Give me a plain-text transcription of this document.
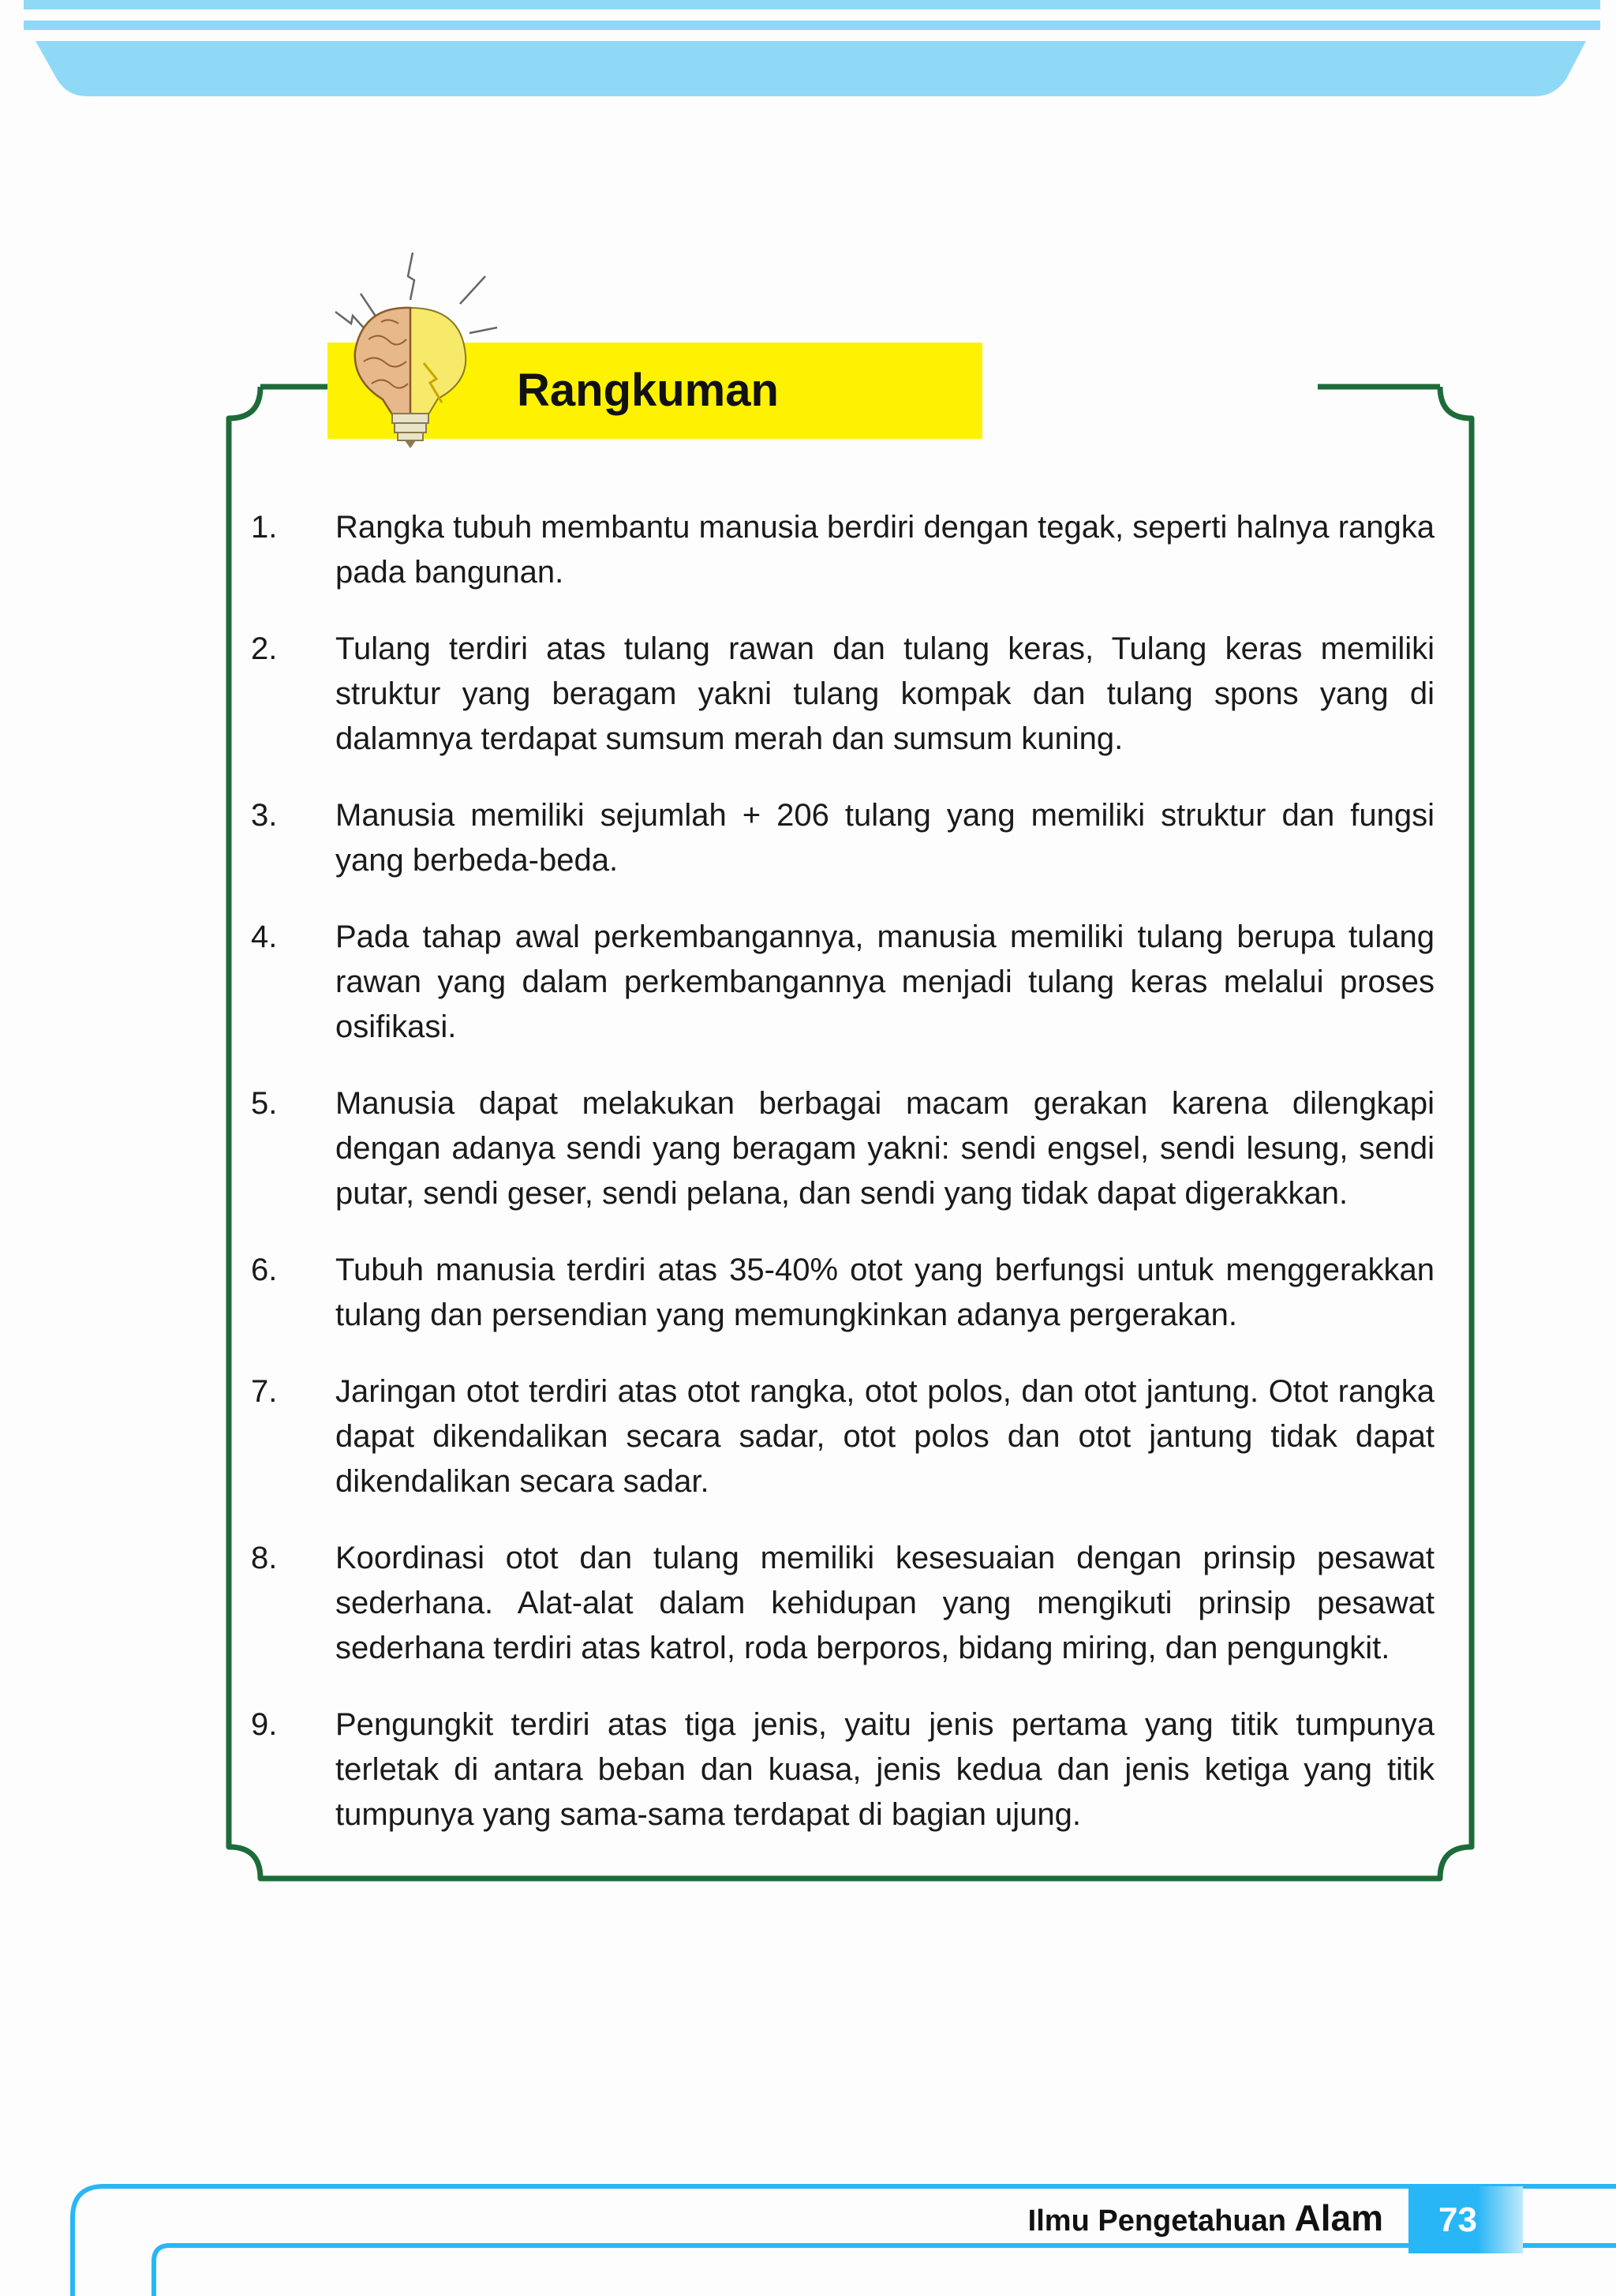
Rangkuman
1. Rangka tubuh membantu manusia berdiri dengan tegak, seperti halnya rangka pada bangunan.
2. Tulang terdiri atas tulang rawan dan tulang keras, Tulang keras memiliki struktur yang beragam yakni tulang kompak dan tulang spons yang di dalamnya terdapat sumsum merah dan sumsum kuning.
3. Manusia memiliki sejumlah + 206 tulang yang memiliki struktur dan fungsi yang berbeda-beda.
4. Pada tahap awal perkembangannya, manusia memiliki tulang berupa tulang rawan yang dalam perkembangannya menjadi tulang keras melalui proses osifikasi.
5. Manusia dapat melakukan berbagai macam gerakan karena dilengkapi dengan adanya sendi yang beragam yakni: sendi engsel, sendi lesung, sendi putar, sendi geser, sendi pelana, dan sendi yang tidak dapat digerakkan.
6. Tubuh manusia terdiri atas 35-40% otot yang berfungsi untuk menggerakkan tulang dan persendian yang memungkinkan adanya pergerakan.
7. Jaringan otot terdiri atas otot rangka, otot polos, dan otot jantung. Otot rangka dapat dikendalikan secara sadar, otot polos dan otot jantung tidak dapat dikendalikan secara sadar.
8. Koordinasi otot dan tulang memiliki kesesuaian dengan prinsip pesawat sederhana. Alat-alat dalam kehidupan yang mengikuti prinsip pesawat sederhana terdiri atas katrol, roda berporos, bidang miring, dan pengungkit.
9. Pengungkit terdiri atas tiga jenis, yaitu jenis pertama yang titik tumpunya terletak di antara beban dan kuasa, jenis kedua dan jenis ketiga yang titik tumpunya yang sama-sama terdapat di bagian ujung.
Ilmu Pengetahuan Alam	73
